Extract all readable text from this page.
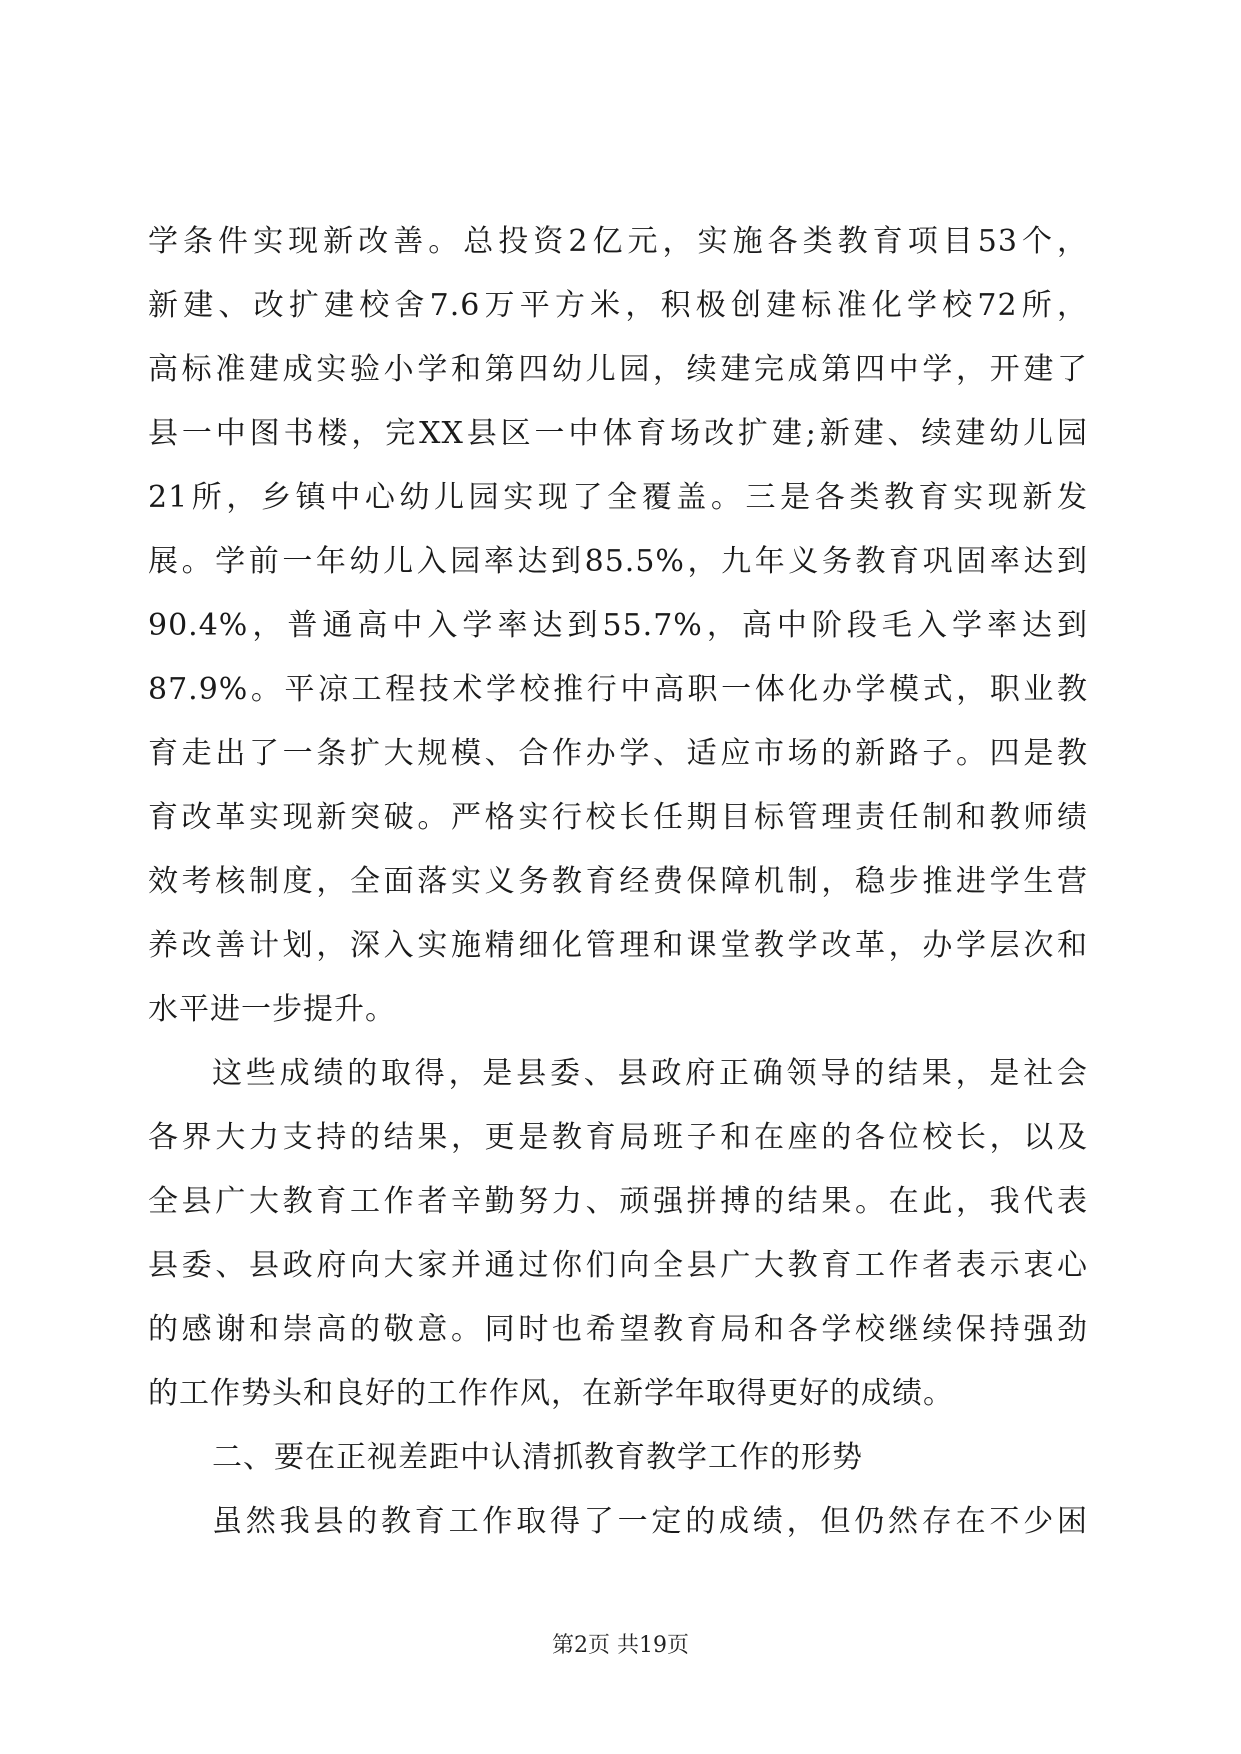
学条件实现新改善。总投资2亿元，实施各类教育项目53个，
新建、改扩建校舍7.6万平方米，积极创建标准化学校72所，
高标准建成实验小学和第四幼儿园，续建完成第四中学，开建了
县一中图书楼，完XX县区一中体育场改扩建;新建、续建幼儿园
21所，乡镇中心幼儿园实现了全覆盖。三是各类教育实现新发
展。学前一年幼儿入园率达到85.5%，九年义务教育巩固率达到
90.4%，普通高中入学率达到55.7%，高中阶段毛入学率达到
87.9%。平凉工程技术学校推行中高职一体化办学模式，职业教
育走出了一条扩大规模、合作办学、适应市场的新路子。四是教
育改革实现新突破。严格实行校长任期目标管理责任制和教师绩
效考核制度，全面落实义务教育经费保障机制，稳步推进学生营
养改善计划，深入实施精细化管理和课堂教学改革，办学层次和
水平进一步提升。
这些成绩的取得，是县委、县政府正确领导的结果，是社会
各界大力支持的结果，更是教育局班子和在座的各位校长，以及
全县广大教育工作者辛勤努力、顽强拼搏的结果。在此，我代表
县委、县政府向大家并通过你们向全县广大教育工作者表示衷心
的感谢和崇高的敬意。同时也希望教育局和各学校继续保持强劲
的工作势头和良好的工作作风，在新学年取得更好的成绩。
二、要在正视差距中认清抓教育教学工作的形势
虽然我县的教育工作取得了一定的成绩，但仍然存在不少困
第2页 共19页
